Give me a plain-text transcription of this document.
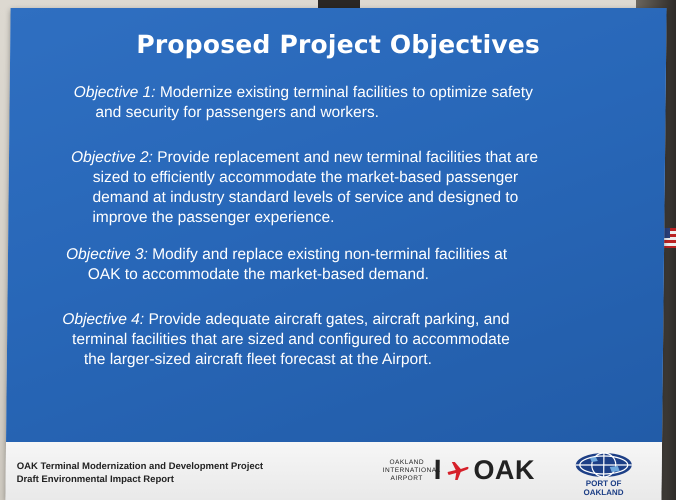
Proposed Project Objectives
Objective 1: Modernize existing terminal facilities to optimize safety
and security for passengers and workers.
Objective 2: Provide replacement and new terminal facilities that are
sized to efficiently accommodate the market-based passenger
demand at industry standard levels of service and designed to
improve the passenger experience.
Objective 3: Modify and replace existing non-terminal facilities at
OAK to accommodate the market-based demand.
Objective 4: Provide adequate aircraft gates, aircraft parking, and
terminal facilities that are sized and configured to accommodate
the larger-sized aircraft fleet forecast at the Airport.
OAK Terminal Modernization and Development Project
Draft Environmental Impact Report
OAKLAND
INTERNATIONAL
AIRPORT I OAK	PORT OF OAKLAND
